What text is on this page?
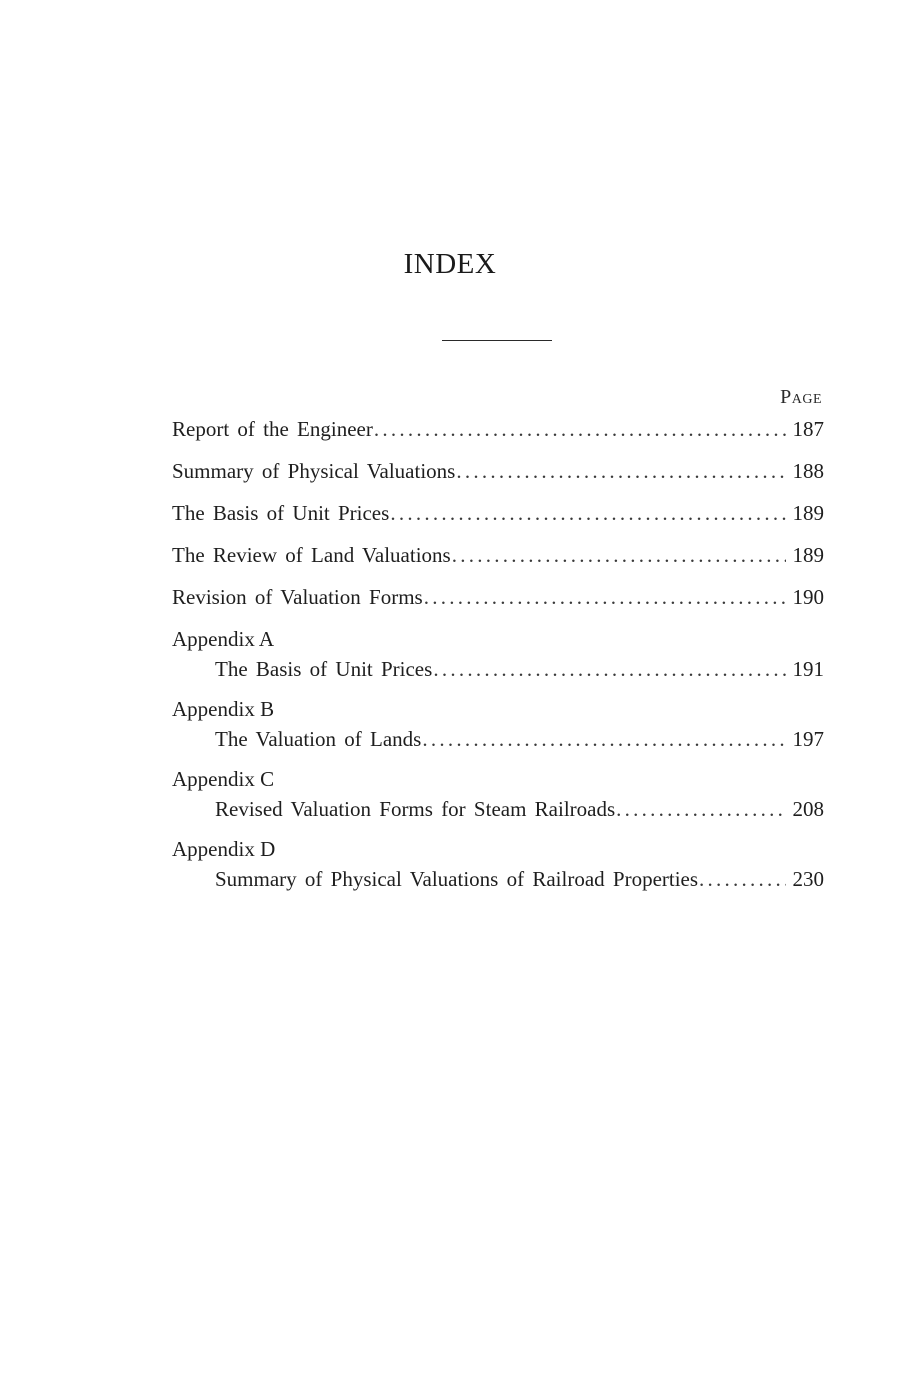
INDEX
Page
Report of the Engineer . . .	187
Summary of Physical Valuations . . .	188
The Basis of Unit Prices . . .	189
The Review of Land Valuations . . .	189
Revision of Valuation Forms . . .	190
Appendix A
The Basis of Unit Prices . . .	191
Appendix B
The Valuation of Lands . . .	197
Appendix C
Revised Valuation Forms for Steam Railroads . . .	208
Appendix D
Summary of Physical Valuations of Railroad Properties . . .	230
